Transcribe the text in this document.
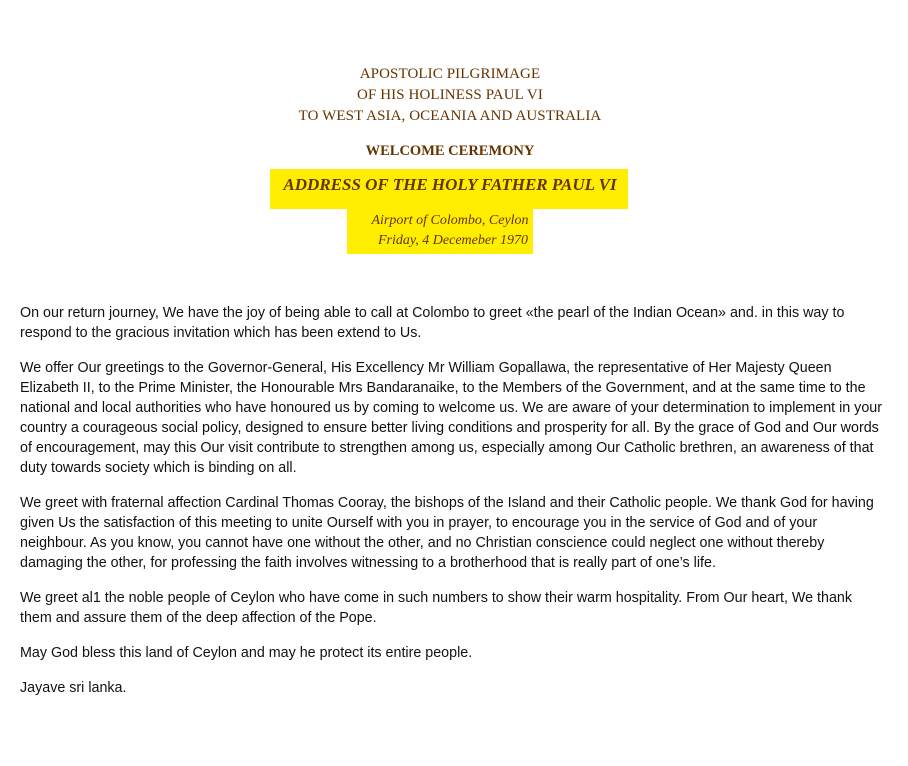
APOSTOLIC PILGRIMAGE
OF HIS HOLINESS PAUL VI
TO WEST ASIA, OCEANIA AND AUSTRALIA
WELCOME CEREMONY
ADDRESS OF THE HOLY FATHER PAUL VI
Airport of Colombo, Ceylon
Friday, 4 Decemeber 1970

On our return journey, We have the joy of being able to call at Colombo to greet «the pearl of the Indian Ocean» and. in this way to respond to the gracious invitation which has been extend to Us.

We offer Our greetings to the Governor-General, His Excellency Mr William Gopallawa, the representative of Her Majesty Queen Elizabeth II, to the Prime Minister, the Honourable Mrs Bandaranaike, to the Members of the Government, and at the same time to the national and local authorities who have honoured us by coming to welcome us. We are aware of your determination to implement in your country a courageous social policy, designed to ensure better living conditions and prosperity for all. By the grace of God and Our words of encouragement, may this Our visit contribute to strengthen among us, especially among Our Catholic brethren, an awareness of that duty towards society which is binding on all.

We greet with fraternal affection Cardinal Thomas Cooray, the bishops of the Island and their Catholic people. We thank God for having given Us the satisfaction of this meeting to unite Ourself with you in prayer, to encourage you in the service of God and of your neighbour. As you know, you cannot have one without the other, and no Christian conscience could neglect one without thereby damaging the other, for professing the faith involves witnessing to a brotherhood that is really part of one’s life.

We greet al1 the noble people of Ceylon who have come in such numbers to show their warm hospitality. From Our heart, We thank them and assure them of the deep affection of the Pope.

May God bless this land of Ceylon and may he protect its entire people.

Jayave sri lanka.
